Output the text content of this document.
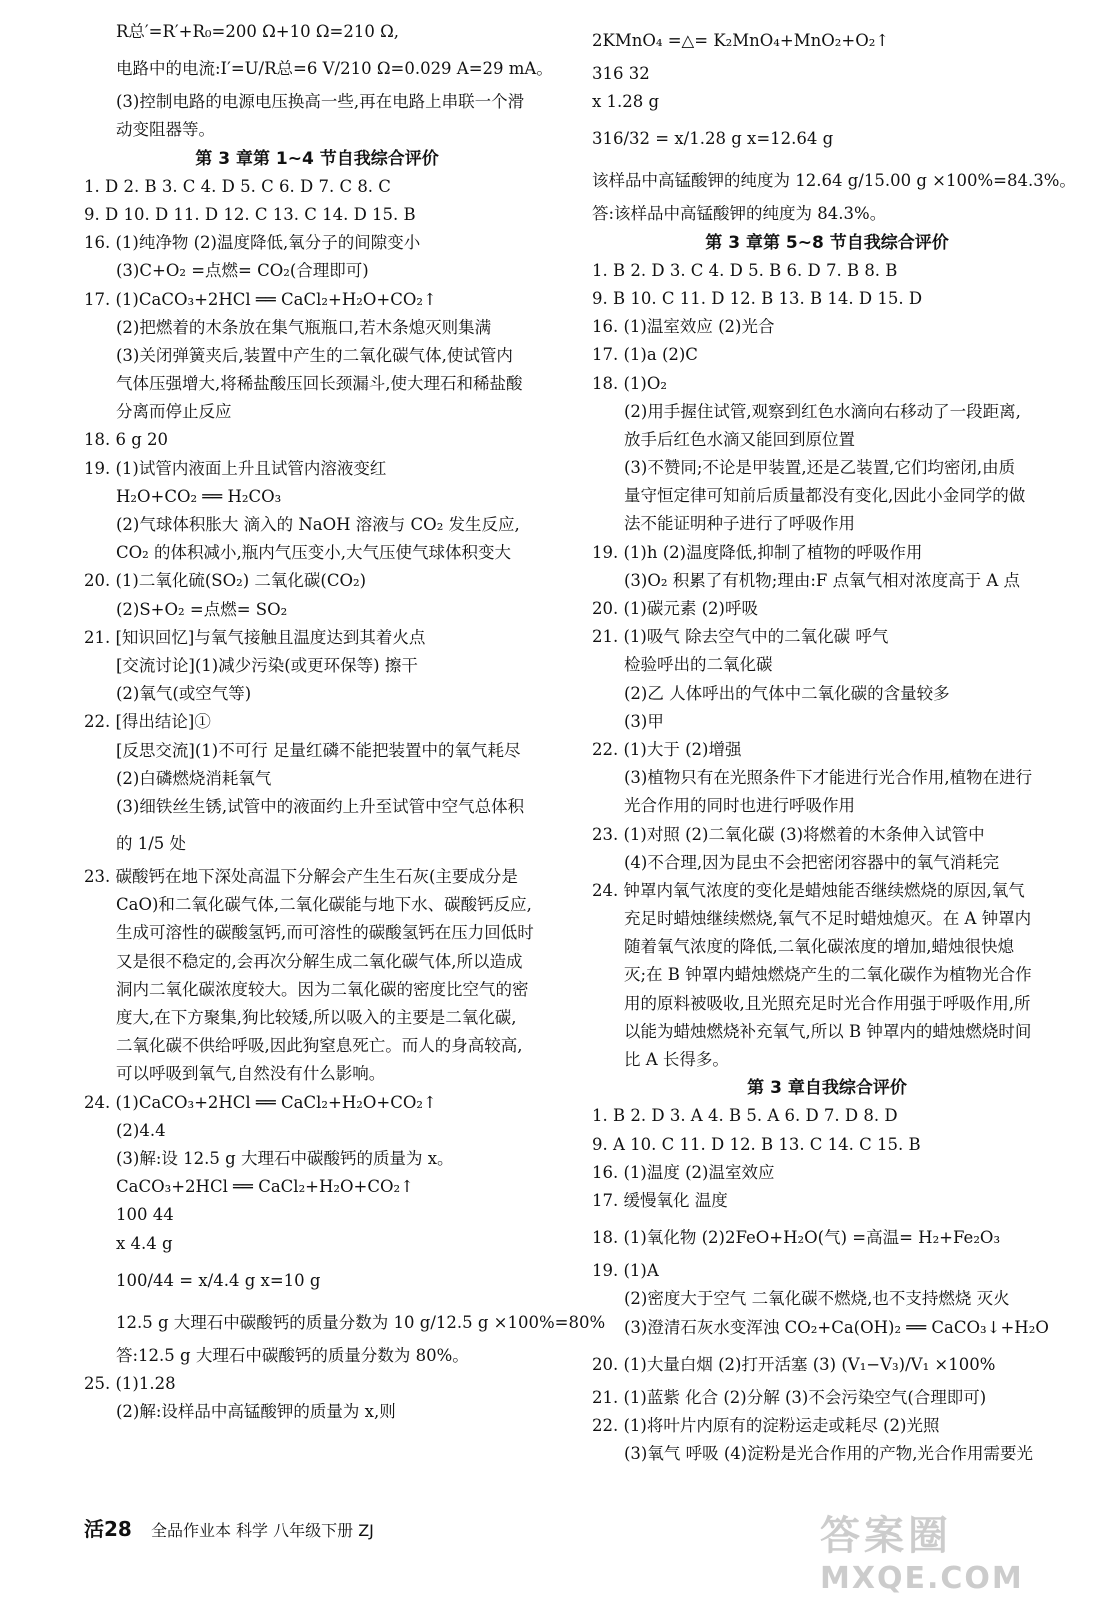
R总′=R′+R₀=200 Ω+10 Ω=210 Ω,
电路中的电流:I′=U/R总=6 V/210 Ω=0.029 A=29 mA。
(3)控制电路的电源电压换高一些,再在电路上串联一个滑
动变阻器等。
第 3 章第 1~4 节自我综合评价
1. D 2. B 3. C 4. D 5. C 6. D 7. C 8. C
9. D 10. D 11. D 12. C 13. C 14. D 15. B
16. (1)纯净物 (2)温度降低,氧分子的间隙变小
(3)C+O₂ =点燃= CO₂(合理即可)
17. (1)CaCO₃+2HCl ══ CaCl₂+H₂O+CO₂↑
(2)把燃着的木条放在集气瓶瓶口,若木条熄灭则集满
(3)关闭弹簧夹后,装置中产生的二氧化碳气体,使试管内
气体压强增大,将稀盐酸压回长颈漏斗,使大理石和稀盐酸
分离而停止反应
18. 6 g 20
19. (1)试管内液面上升且试管内溶液变红
H₂O+CO₂ ══ H₂CO₃
(2)气球体积胀大 滴入的 NaOH 溶液与 CO₂ 发生反应,
CO₂ 的体积减小,瓶内气压变小,大气压使气球体积变大
20. (1)二氧化硫(SO₂) 二氧化碳(CO₂)
(2)S+O₂ =点燃= SO₂
21. [知识回忆]与氧气接触且温度达到其着火点
[交流讨论](1)减少污染(或更环保等) 擦干
(2)氧气(或空气等)
22. [得出结论]①
[反思交流](1)不可行 足量红磷不能把装置中的氧气耗尽
(2)白磷燃烧消耗氧气
(3)细铁丝生锈,试管中的液面约上升至试管中空气总体积
的 1/5 处
23. 碳酸钙在地下深处高温下分解会产生生石灰(主要成分是
CaO)和二氧化碳气体,二氧化碳能与地下水、碳酸钙反应,
生成可溶性的碳酸氢钙,而可溶性的碳酸氢钙在压力回低时
又是很不稳定的,会再次分解生成二氧化碳气体,所以造成
洞内二氧化碳浓度较大。因为二氧化碳的密度比空气的密
度大,在下方聚集,狗比较矮,所以吸入的主要是二氧化碳,
二氧化碳不供给呼吸,因此狗窒息死亡。而人的身高较高,
可以呼吸到氧气,自然没有什么影响。
24. (1)CaCO₃+2HCl ══ CaCl₂+H₂O+CO₂↑
(2)4.4
(3)解:设 12.5 g 大理石中碳酸钙的质量为 x。
CaCO₃+2HCl ══ CaCl₂+H₂O+CO₂↑
100 44
x 4.4 g
100/44 = x/4.4 g x=10 g
12.5 g 大理石中碳酸钙的质量分数为 10 g/12.5 g ×100%=80%
答:12.5 g 大理石中碳酸钙的质量分数为 80%。
25. (1)1.28
(2)解:设样品中高锰酸钾的质量为 x,则
2KMnO₄ =△= K₂MnO₄+MnO₂+O₂↑
316 32
x 1.28 g
316/32 = x/1.28 g x=12.64 g
该样品中高锰酸钾的纯度为 12.64 g/15.00 g ×100%=84.3%。
答:该样品中高锰酸钾的纯度为 84.3%。
第 3 章第 5~8 节自我综合评价
1. B 2. D 3. C 4. D 5. B 6. D 7. B 8. B
9. B 10. C 11. D 12. B 13. B 14. D 15. D
16. (1)温室效应 (2)光合
17. (1)a (2)C
18. (1)O₂
(2)用手握住试管,观察到红色水滴向右移动了一段距离,
放手后红色水滴又能回到原位置
(3)不赞同;不论是甲装置,还是乙装置,它们均密闭,由质
量守恒定律可知前后质量都没有变化,因此小金同学的做
法不能证明种子进行了呼吸作用
19. (1)h (2)温度降低,抑制了植物的呼吸作用
(3)O₂ 积累了有机物;理由:F 点氧气相对浓度高于 A 点
20. (1)碳元素 (2)呼吸
21. (1)吸气 除去空气中的二氧化碳 呼气
检验呼出的二氧化碳
(2)乙 人体呼出的气体中二氧化碳的含量较多
(3)甲
22. (1)大于 (2)增强
(3)植物只有在光照条件下才能进行光合作用,植物在进行
光合作用的同时也进行呼吸作用
23. (1)对照 (2)二氧化碳 (3)将燃着的木条伸入试管中
(4)不合理,因为昆虫不会把密闭容器中的氧气消耗完
24. 钟罩内氧气浓度的变化是蜡烛能否继续燃烧的原因,氧气
充足时蜡烛继续燃烧,氧气不足时蜡烛熄灭。在 A 钟罩内
随着氧气浓度的降低,二氧化碳浓度的增加,蜡烛很快熄
灭;在 B 钟罩内蜡烛燃烧产生的二氧化碳作为植物光合作
用的原料被吸收,且光照充足时光合作用强于呼吸作用,所
以能为蜡烛燃烧补充氧气,所以 B 钟罩内的蜡烛燃烧时间
比 A 长得多。
第 3 章自我综合评价
1. B 2. D 3. A 4. B 5. A 6. D 7. D 8. D
9. A 10. C 11. D 12. B 13. C 14. C 15. B
16. (1)温度 (2)温室效应
17. 缓慢氧化 温度
18. (1)氧化物 (2)2FeO+H₂O(气) =高温= H₂+Fe₂O₃
19. (1)A
(2)密度大于空气 二氧化碳不燃烧,也不支持燃烧 灭火
(3)澄清石灰水变浑浊 CO₂+Ca(OH)₂ ══ CaCO₃↓+H₂O
20. (1)大量白烟 (2)打开活塞 (3) (V₁−V₃)/V₁ ×100%
21. (1)蓝紫 化合 (2)分解 (3)不会污染空气(合理即可)
22. (1)将叶片内原有的淀粉运走或耗尽 (2)光照
(3)氧气 呼吸 (4)淀粉是光合作用的产物,光合作用需要光
活28 全品作业本 科学 八年级下册 ZJ	答案圈
MXQE.COM
